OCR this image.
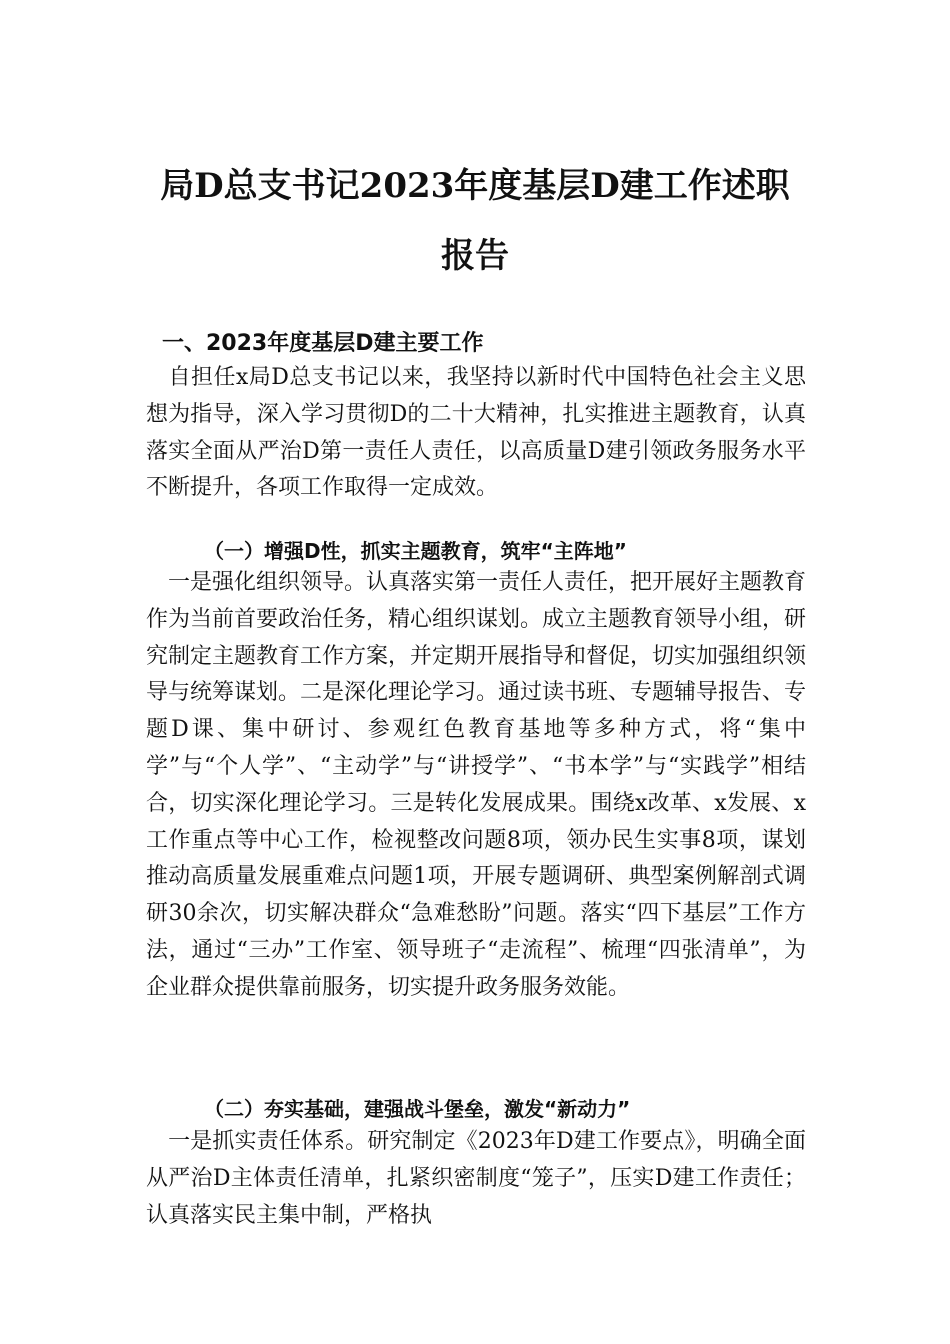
局D总支书记2023年度基层D建工作述职
报告
一、2023年度基层D建主要工作

　自担任x局D总支书记以来，我坚持以新时代中国特色社会主义思想为指导，深入学习贯彻D的二十大精神，扎实推进主题教育，认真落实全面从严治D第一责任人责任，以高质量D建引领政务服务水平不断提升，各项工作取得一定成效。

（一）增强D性，抓实主题教育，筑牢“主阵地”

　一是强化组织领导。认真落实第一责任人责任，把开展好主题教育作为当前首要政治任务，精心组织谋划。成立主题教育领导小组，研究制定主题教育工作方案，并定期开展指导和督促，切实加强组织领导与统筹谋划。二是深化理论学习。通过读书班、专题辅导报告、专题D课、集中研讨、参观红色教育基地等多种方式，将“集中学”与“个人学”、“主动学”与“讲授学”、“书本学”与“实践学”相结合，切实深化理论学习。三是转化发展成果。围绕x改革、x发展、x工作重点等中心工作，检视整改问题8项，领办民生实事8项，谋划推动高质量发展重难点问题1项，开展专题调研、典型案例解剖式调研30余次，切实解决群众“急难愁盼”问题。落实“四下基层”工作方法，通过“三办”工作室、领导班子“走流程”、梳理“四张清单”，为企业群众提供靠前服务，切实提升政务服务效能。

（二）夯实基础，建强战斗堡垒，激发“新动力”

　一是抓实责任体系。研究制定《2023年D建工作要点》，明确全面从严治D主体责任清单，扎紧织密制度“笼子”，压实D建工作责任；认真落实民主集中制，严格执
